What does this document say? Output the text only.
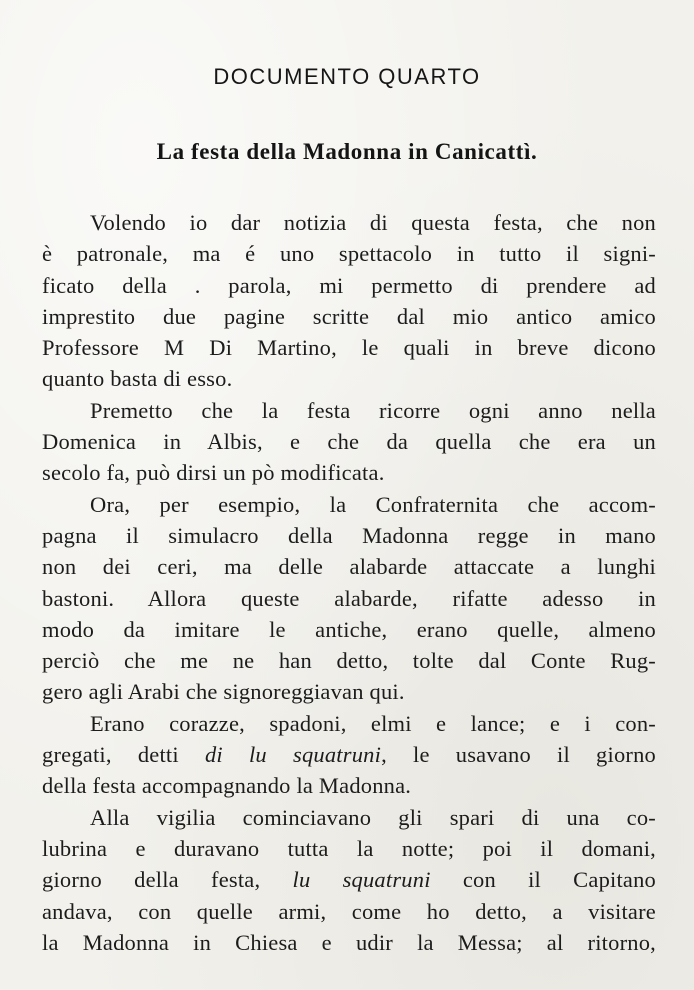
DOCUMENTO QUARTO
La festa della Madonna in Canicattì.
Volendo io dar notizia di questa festa, che non
è patronale, ma é uno spettacolo in tutto il signi-
ficato della . parola, mi permetto di prendere ad
imprestito due pagine scritte dal mio antico amico
Professore M Di Martino, le quali in breve dicono
quanto basta di esso.
Premetto che la festa ricorre ogni anno nella
Domenica in Albis, e che da quella che era un
secolo fa, può dirsi un pò modificata.
Ora, per esempio, la Confraternita che accom-
pagna il simulacro della Madonna regge in mano
non dei ceri, ma delle alabarde attaccate a lunghi
bastoni. Allora queste alabarde, rifatte adesso in
modo da imitare le antiche, erano quelle, almeno
perciò che me ne han detto, tolte dal Conte Rug-
gero agli Arabi che signoreggiavan qui.
Erano corazze, spadoni, elmi e lance; e i con-
gregati, detti di lu squatruni, le usavano il giorno
della festa accompagnando la Madonna.
Alla vigilia cominciavano gli spari di una co-
lubrina e duravano tutta la notte; poi il domani,
giorno della festa, lu squatruni con il Capitano
andava, con quelle armi, come ho detto, a visitare
la Madonna in Chiesa e udir la Messa; al ritorno,
